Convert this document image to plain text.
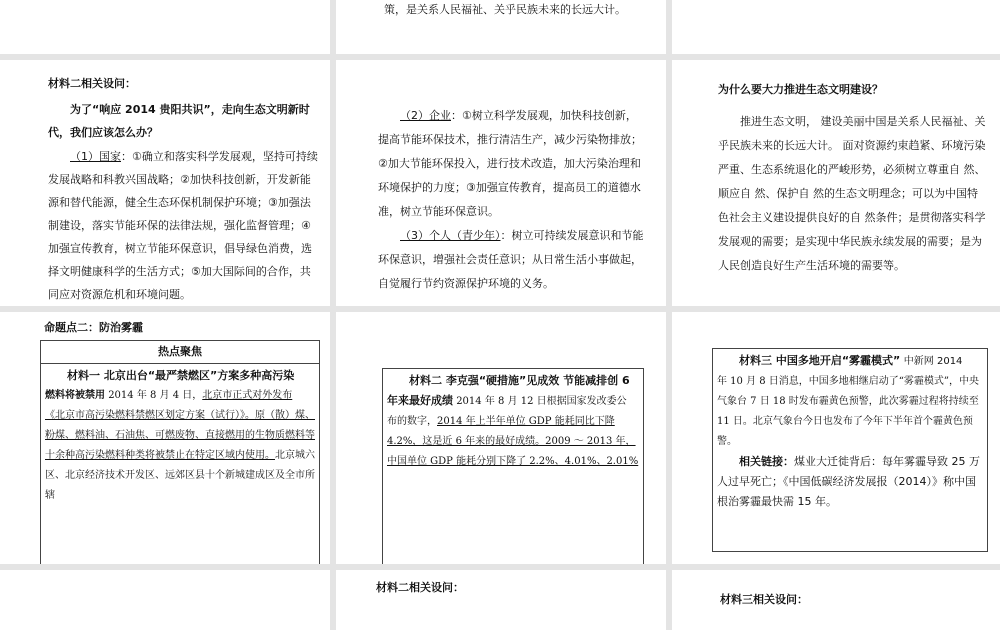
策，是关系人民福祉、关乎民族未来的长远大计。

材料二相关设问：

为了“响应 2014 贵阳共识”，走向生态文明新时代，我们应该怎么办？

（1）国家：①确立和落实科学发展观，坚持可持续发展战略和科教兴国战略；②加快科技创新，开发新能源和替代能源，健全生态环保机制保护环境；③加强法制建设，落实节能环保的法律法规，强化监督管理；④加强宣传教育，树立节能环保意识，倡导绿色消费，选择文明健康科学的生活方式；⑤加大国际间的合作，共同应对资源危机和环境问题。

（2）企业：①树立科学发展观，加快科技创新，提高节能环保技术，推行清洁生产，减少污染物排放；②加大节能环保投入，进行技术改造，加大污染治理和环境保护的力度；③加强宣传教育，提高员工的道德水准，树立节能环保意识。

（3）个人（青少年）：树立可持续发展意识和节能环保意识，增强社会责任意识；从日常生活小事做起，自觉履行节约资源保护环境的义务。

为什么要大力推进生态文明建设？

推进生态文明， 建设美丽中国是关系人民福祉、关乎民族未来的长远大计。 面对资源约束趋紧、环境污染严重、生态系统退化的严峻形势，必须树立尊重自 然、顺应自 然、保护自 然的生态文明理念；可以为中国特色社会主义建设提供良好的自 然条件；是贯彻落实科学发展观的需要；是实现中华民族永续发展的需要；是为人民创造良好生产生活环境的需要等。

命题点二：防治雾霾

热点聚焦

材料一 北京出台“最严禁燃区”方案多种高污染

燃料将被禁用 2014 年 8 月 4 日，北京市正式对外发布
《北京市高污染燃料禁燃区划定方案（试行）》。原（散）煤、粉煤、燃料油、石油焦、可燃废物、直接燃用的生物质燃料等十余种高污染燃料种类将被禁止在特定区域内使用。北京城六区、北京经济技术开发区、远郊区县十个新城建成区及全市所辖

材料二 李克强“硬措施”见成效 节能减排创 6

年来最好成绩 2014 年 8 月 12 日根据国家发改委公
布的数字，2014 年上半年单位 GDP 能耗同比下降 4.2%，这是近 6 年来的最好成绩。2009 ～ 2013 年，
中国单位 GDP 能耗分别下降了 2.2%、4.01%、2.01%

材料三 中国多地开启“雾霾模式” 中新网 2014

年 10 月 8 日消息，中国多地相继启动了“雾霾模式”，中央气象台 7 日 18 时发布霾黄色预警，此次雾霾过程将持续至 11 日。北京气象台今日也发布了今年下半年首个霾黄色预警。

相关链接：煤业大迁徙背后：每年雾霾导致 25 万人过早死亡；《中国低碳经济发展报（2014）》称中国根治雾霾最快需 15 年。

材料二相关设问：

材料三相关设问：
